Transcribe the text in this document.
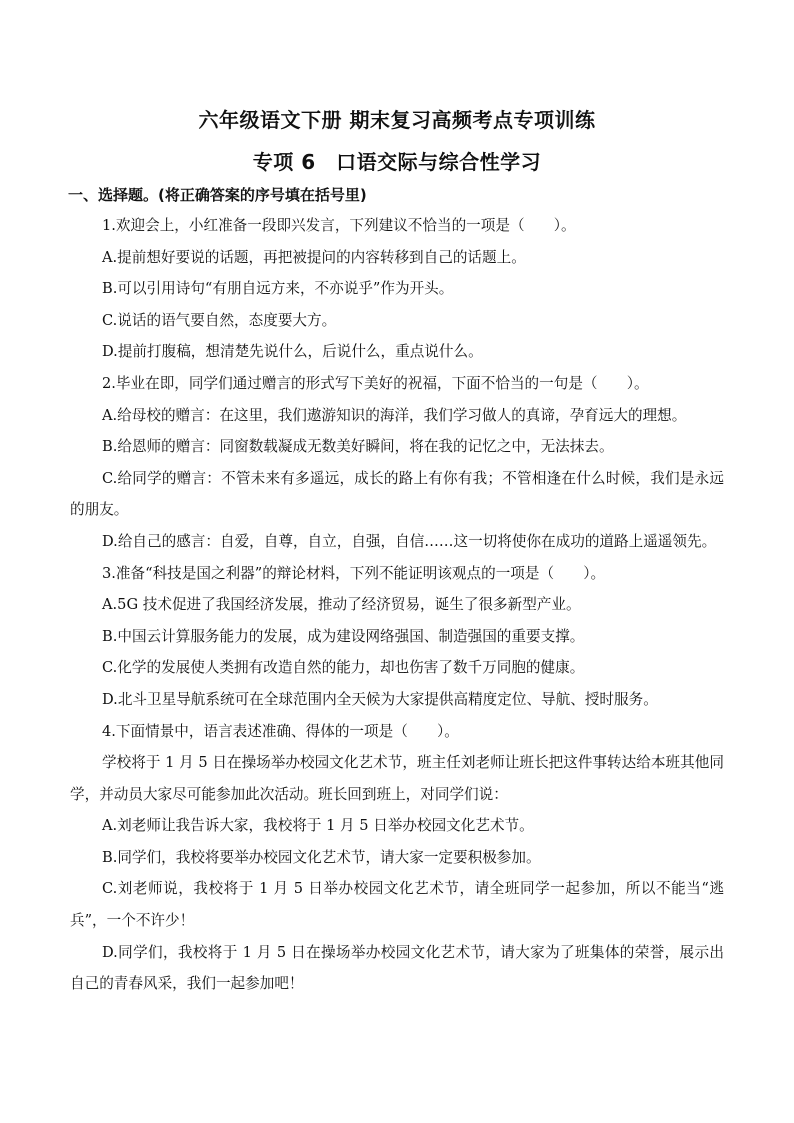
六年级语文下册 期末复习高频考点专项训练
专项 6　口语交际与综合性学习
一、选择题。(将正确答案的序号填在括号里)

1.欢迎会上，小红准备一段即兴发言，下列建议不恰当的一项是（　　）。

A.提前想好要说的话题，再把被提问的内容转移到自己的话题上。

B.可以引用诗句“有朋自远方来，不亦说乎”作为开头。

C.说话的语气要自然，态度要大方。

D.提前打腹稿，想清楚先说什么，后说什么，重点说什么。

2.毕业在即，同学们通过赠言的形式写下美好的祝福，下面不恰当的一句是（　　）。

A.给母校的赠言：在这里，我们遨游知识的海洋，我们学习做人的真谛，孕育远大的理想。

B.给恩师的赠言：同窗数载凝成无数美好瞬间，将在我的记忆之中，无法抹去。

C.给同学的赠言：不管未来有多遥远，成长的路上有你有我；不管相逢在什么时候，我们是永远的朋友。

D.给自己的感言：自爱，自尊，自立，自强，自信……这一切将使你在成功的道路上遥遥领先。

3.准备“科技是国之利器”的辩论材料，下列不能证明该观点的一项是（　　）。

A.5G 技术促进了我国经济发展，推动了经济贸易，诞生了很多新型产业。

B.中国云计算服务能力的发展，成为建设网络强国、制造强国的重要支撑。

C.化学的发展使人类拥有改造自然的能力，却也伤害了数千万同胞的健康。

D.北斗卫星导航系统可在全球范围内全天候为大家提供高精度定位、导航、授时服务。

4.下面情景中，语言表述准确、得体的一项是（　　）。

学校将于 1 月 5 日在操场举办校园文化艺术节，班主任刘老师让班长把这件事转达给本班其他同学，并动员大家尽可能参加此次活动。班长回到班上，对同学们说：

A.刘老师让我告诉大家，我校将于 1 月 5 日举办校园文化艺术节。

B.同学们，我校将要举办校园文化艺术节，请大家一定要积极参加。

C.刘老师说，我校将于 1 月 5 日举办校园文化艺术节，请全班同学一起参加，所以不能当“逃兵”，一个不许少！

D.同学们，我校将于 1 月 5 日在操场举办校园文化艺术节，请大家为了班集体的荣誉，展示出自己的青春风采，我们一起参加吧！
